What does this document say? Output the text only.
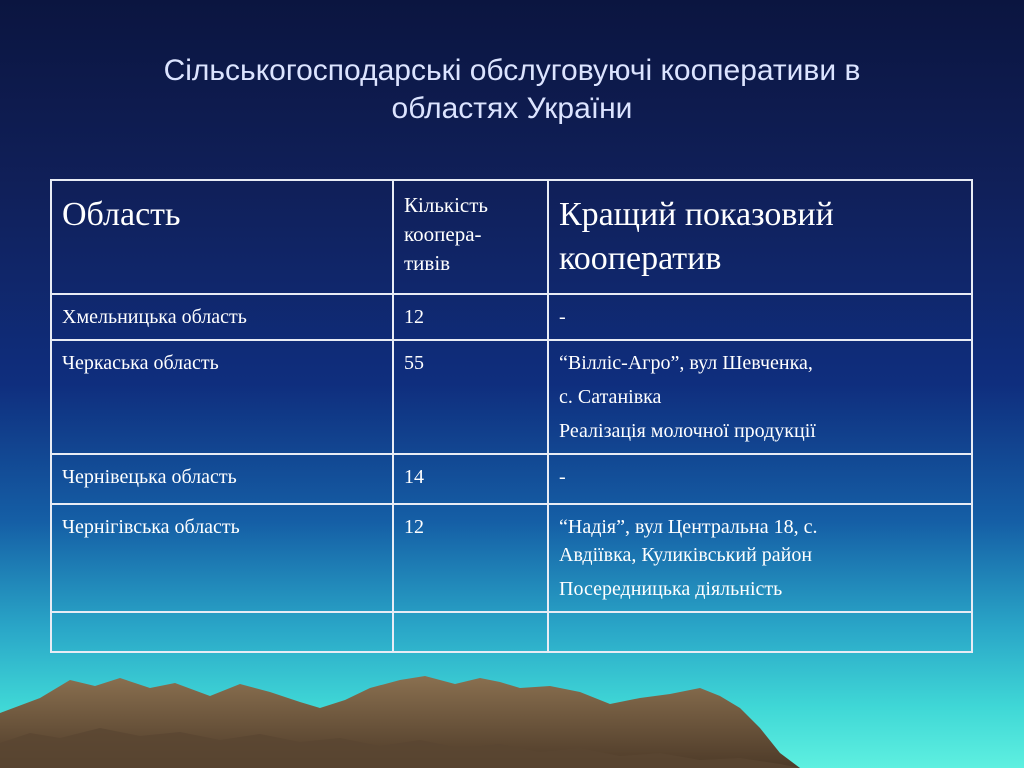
Сільськогосподарські обслуговуючі кооперативи в
областях України
Область	Кількість
коопера-
тивів	Кращий показовий
кооператив

Хмельницька область	12	-

Черкаська область	55	“Вілліс-Агро”, вул Шевченка,
с. Сатанівка
Реалізація молочної продукції

Чернівецька область	14	-

Чернігівська область	12	“Надія”, вул Центральна 18, с.
Авдіївка, Куликівський район
Посередницька діяльність
